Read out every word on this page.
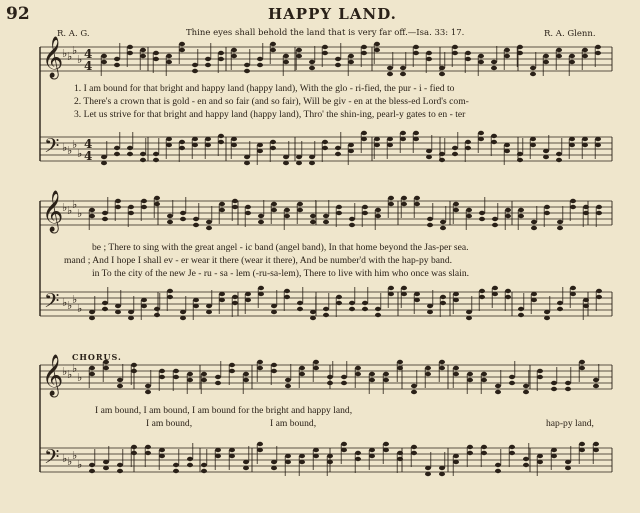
92	HAPPY LAND.
R. A. G.	Thine eyes shall behold the land that is very far off.—Isa. 33: 17.	R. A. Glenn.
𝄞
𝄢
♭ ♭ ♭
♭
♭ ♭ ♭
♭
4
4
4
4
𝄞
𝄢
♭ ♭ ♭
♭
♭ ♭ ♭
♭
𝄞
𝄢
♭ ♭ ♭
♭
♭ ♭ ♭
♭
1. I am bound for that bright and happy land (happy land), With the glo - ri-fied, the pur - i - fied to
2. There's a crown that is gold - en and so fair (and so fair), Will be giv - en at the bless-ed Lord's com-
3. Let us strive for that bright and happy land (happy land), Thro' the shin-ing, pearl-y gates to en - ter
be ; There to sing with the great angel - ic band (angel band), In that home beyond the Jas-per sea.
mand ; And I hope I shall ev - er wear it there (wear it there), And be number'd with the hap-py band.
in To the city of the new Je - ru - sa - lem (-ru-sa-lem), There to live with him who once was slain.
CHORUS.
I am bound, I am bound, I am bound for the bright and happy land,
I am bound,	I am bound,	hap-py land,
